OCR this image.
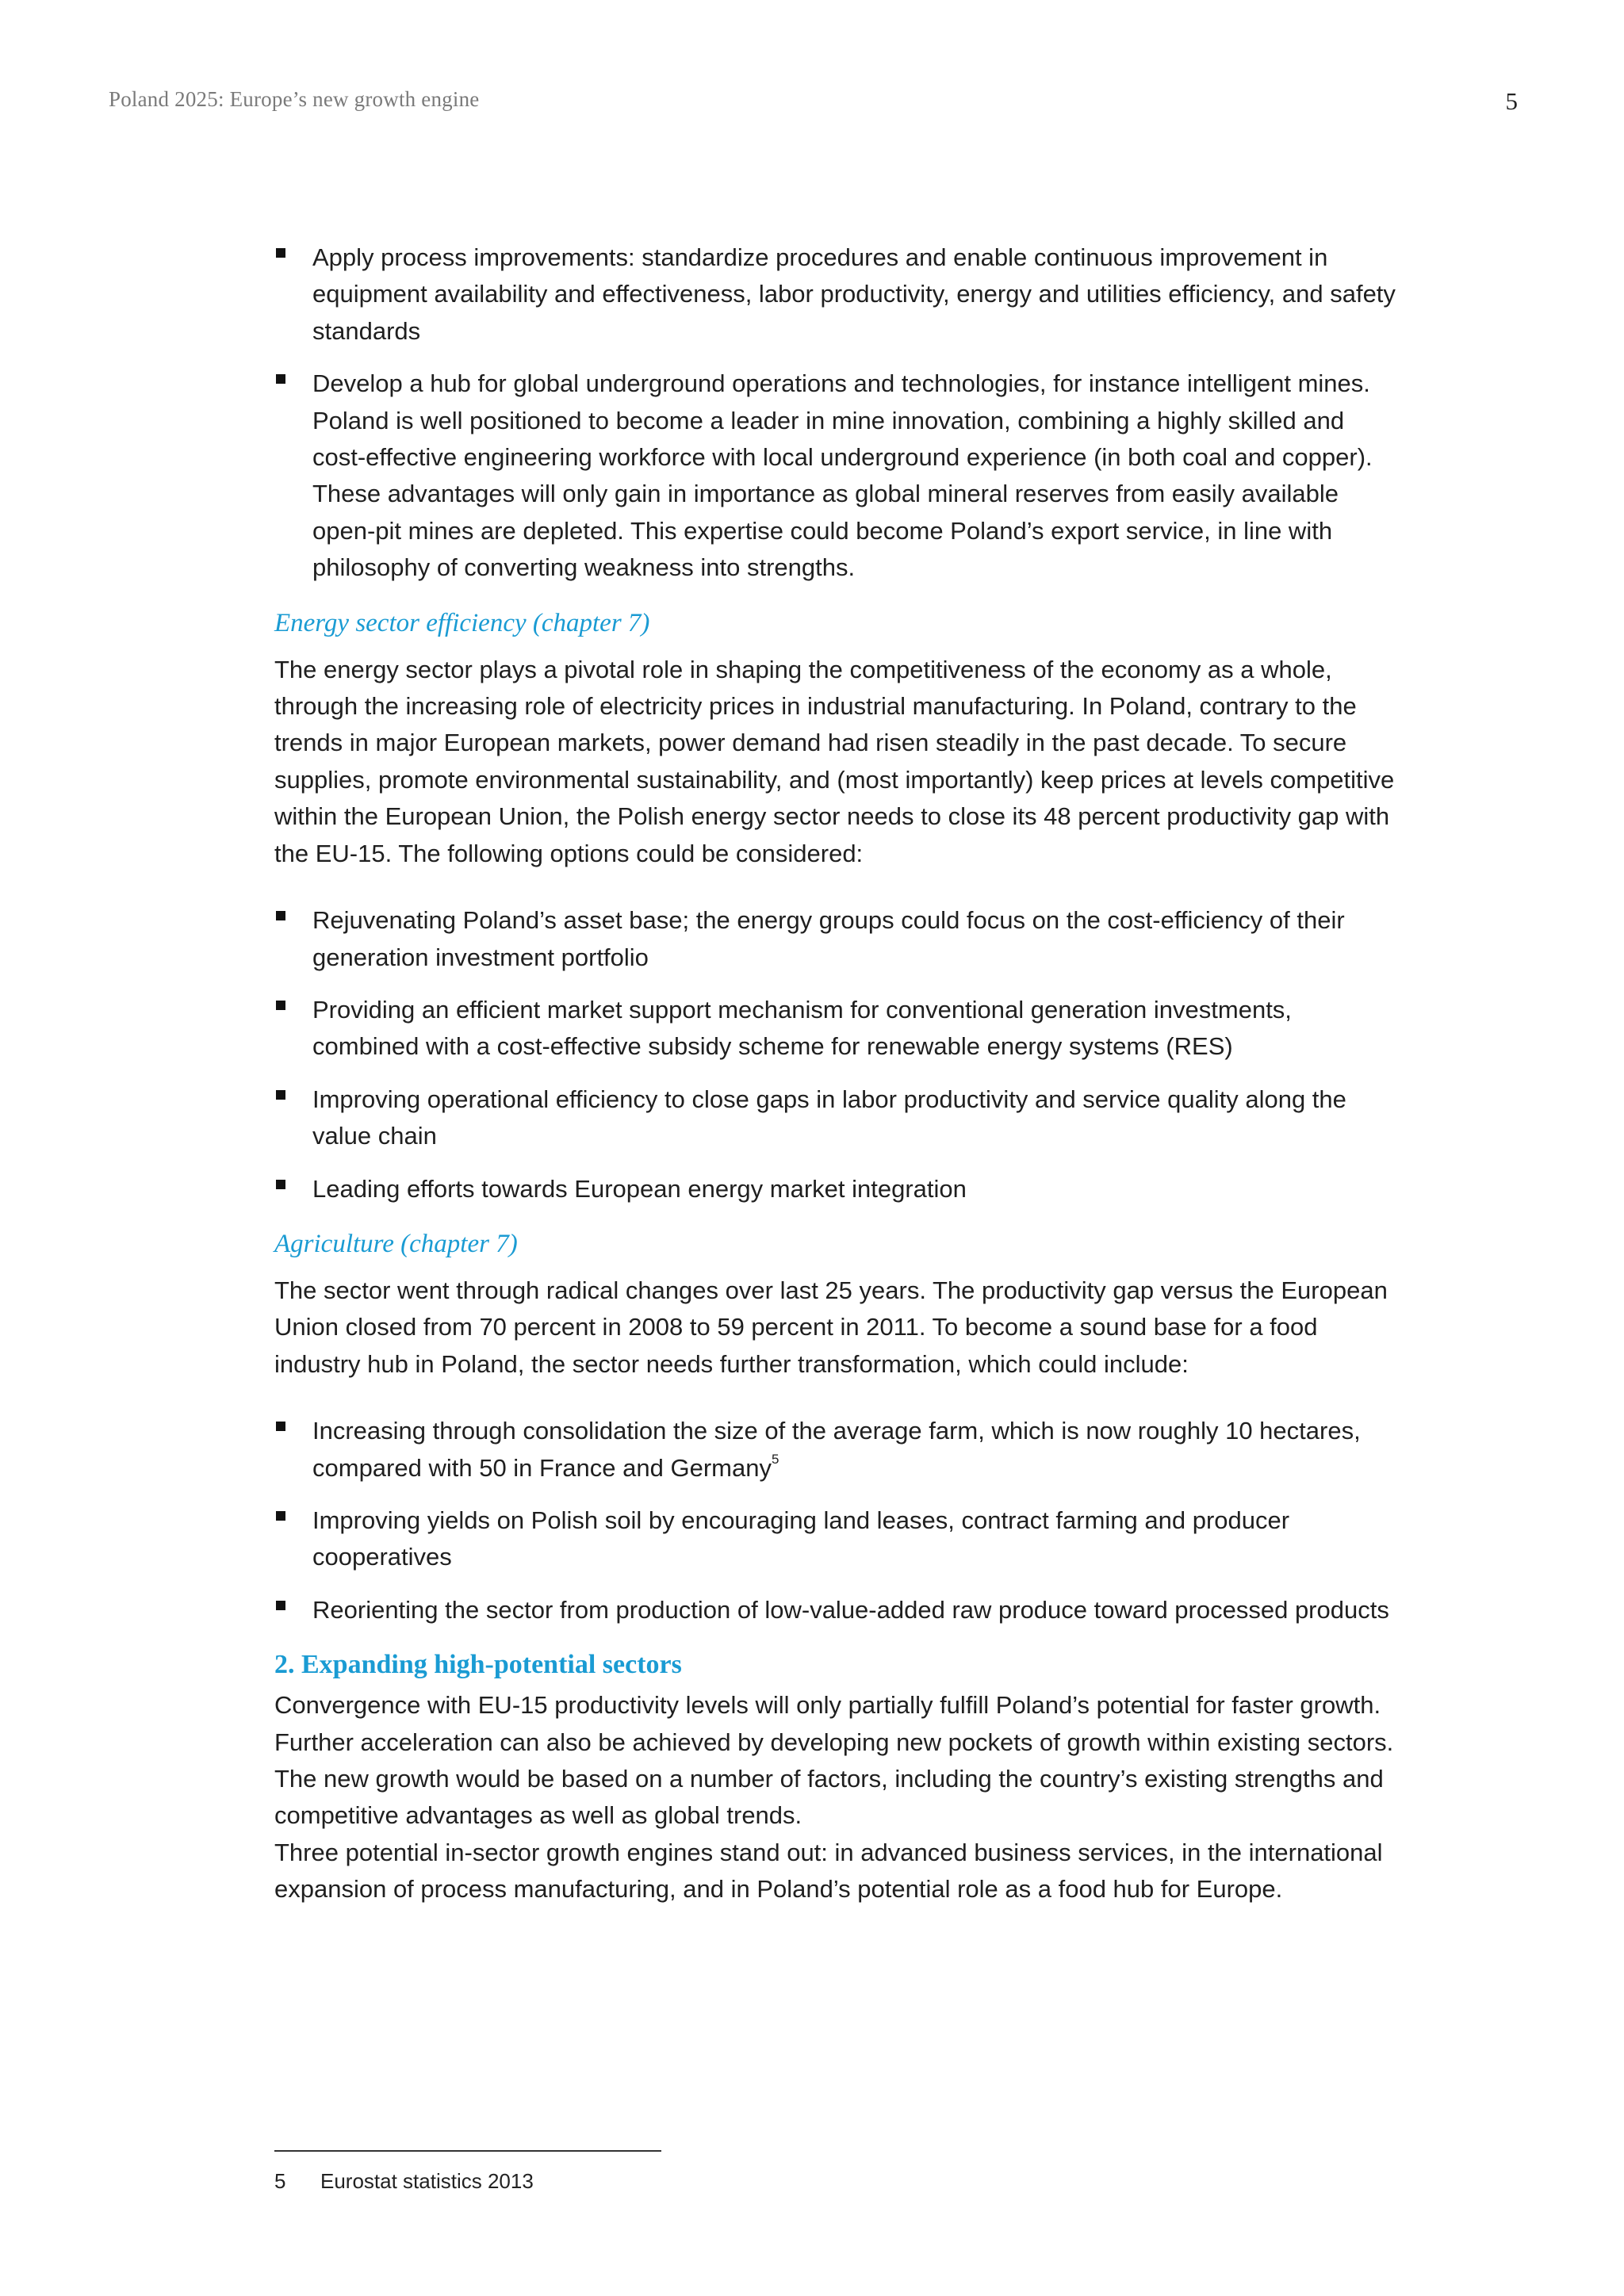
Poland 2025: Europe’s new growth engine	5
Apply process improvements: standardize procedures and enable continuous improvement in equipment availability and effectiveness, labor productivity, energy and utilities efficiency, and safety standards
Develop a hub for global underground operations and technologies, for instance intelligent mines. Poland is well positioned to become a leader in mine innovation, combining a highly skilled and cost-effective engineering workforce with local underground experience (in both coal and copper). These advantages will only gain in importance as global mineral reserves from easily available open-pit mines are depleted. This expertise could become Poland’s export service, in line with philosophy of converting weakness into strengths.
Energy sector efficiency (chapter 7)

The energy sector plays a pivotal role in shaping the competitiveness of the economy as a whole, through the increasing role of electricity prices in industrial manufacturing. In Poland, contrary to the trends in major European markets, power demand had risen steadily in the past decade. To secure supplies, promote environmental sustainability, and (most importantly) keep prices at levels competitive within the European Union, the Polish energy sector needs to close its 48 percent productivity gap with the EU-15. The following options could be considered:

Rejuvenating Poland’s asset base; the energy groups could focus on the cost-efficiency of their generation investment portfolio
Providing an efficient market support mechanism for conventional generation investments, combined with a cost-effective subsidy scheme for renewable energy systems (RES)
Improving operational efficiency to close gaps in labor productivity and service quality along the value chain
Leading efforts towards European energy market integration
Agriculture (chapter 7)

The sector went through radical changes over last 25 years. The productivity gap versus the European Union closed from 70 percent in 2008 to 59 percent in 2011. To become a sound base for a food industry hub in Poland, the sector needs further transformation, which could include:

Increasing through consolidation the size of the average farm, which is now roughly 10 hectares, compared with 50 in France and Germany$^5$
Improving yields on Polish soil by encouraging land leases, contract farming and producer cooperatives
Reorienting the sector from production of low-value-added raw produce toward processed products
2. Expanding high-potential sectors

Convergence with EU-15 productivity levels will only partially fulfill Poland’s potential for faster growth. Further acceleration can also be achieved by developing new pockets of growth within existing sectors. The new growth would be based on a number of factors, including the country’s existing strengths and competitive advantages as well as global trends.

Three potential in-sector growth engines stand out: in advanced business services, in the international expansion of process manufacturing, and in Poland’s potential role as a food hub for Europe.

5 Eurostat statistics 2013
